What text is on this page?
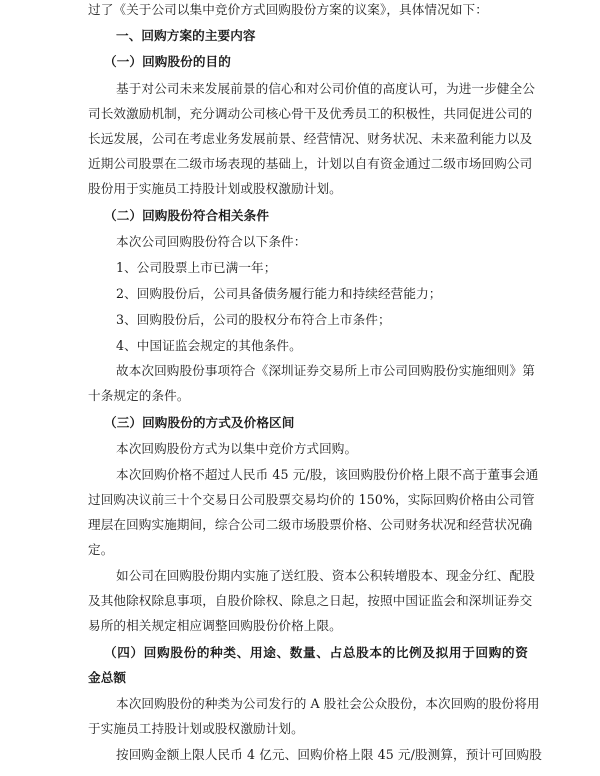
过了《关于公司以集中竞价方式回购股份方案的议案》，具体情况如下：
一、回购方案的主要内容
（一）回购股份的目的
基于对公司未来发展前景的信心和对公司价值的高度认可，为进一步健全公
司长效激励机制，充分调动公司核心骨干及优秀员工的积极性，共同促进公司的
长远发展，公司在考虑业务发展前景、经营情况、财务状况、未来盈利能力以及
近期公司股票在二级市场表现的基础上，计划以自有资金通过二级市场回购公司
股份用于实施员工持股计划或股权激励计划。
（二）回购股份符合相关条件
本次公司回购股份符合以下条件：
1、公司股票上市已满一年；
2、回购股份后，公司具备债务履行能力和持续经营能力；
3、回购股份后，公司的股权分布符合上市条件；
4、中国证监会规定的其他条件。
故本次回购股份事项符合《深圳证券交易所上市公司回购股份实施细则》第
十条规定的条件。
（三）回购股份的方式及价格区间
本次回购股份方式为以集中竞价方式回购。
本次回购价格不超过人民币 45 元/股，该回购股份价格上限不高于董事会通
过回购决议前三十个交易日公司股票交易均价的 150%，实际回购价格由公司管
理层在回购实施期间，综合公司二级市场股票价格、公司财务状况和经营状况确
定。
如公司在回购股份期内实施了送红股、资本公积转增股本、现金分红、配股
及其他除权除息事项，自股价除权、除息之日起，按照中国证监会和深圳证券交
易所的相关规定相应调整回购股份价格上限。
（四）回购股份的种类、用途、数量、占总股本的比例及拟用于回购的资
金总额
本次回购股份的种类为公司发行的 A 股社会公众股份，本次回购的股份将用
于实施员工持股计划或股权激励计划。
按回购金额上限人民币 4 亿元、回购价格上限 45 元/股测算，预计可回购股
